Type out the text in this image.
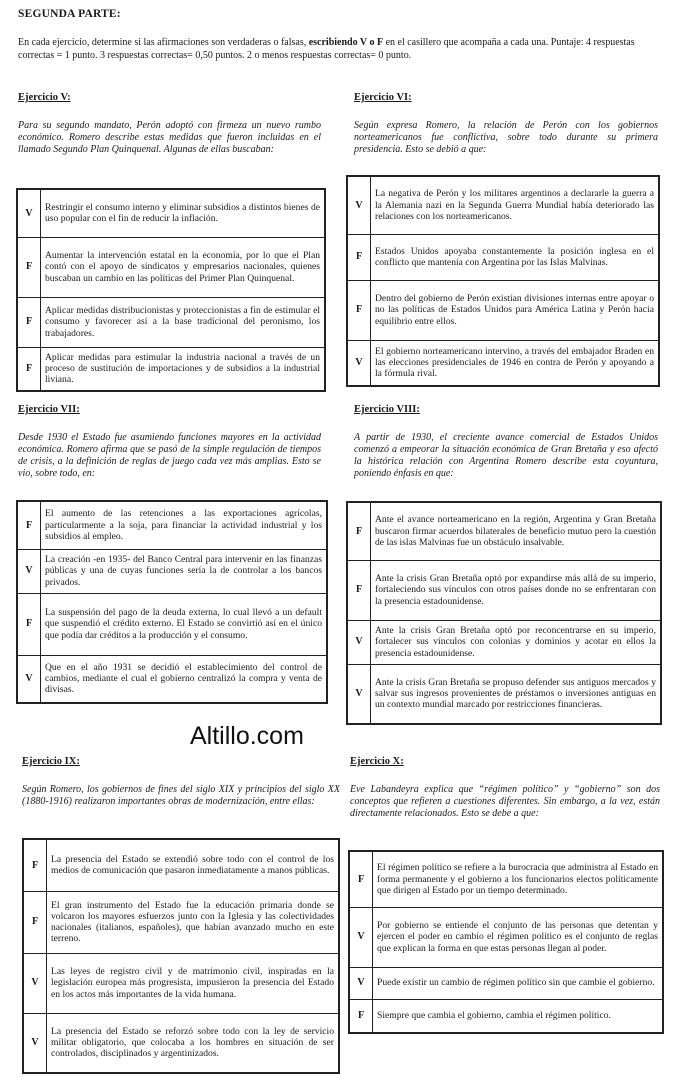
SEGUNDA PARTE:
En cada ejercicio, determine si las afirmaciones son verdaderas o falsas, escribiendo V o F en el casillero que acompaña a cada una. Puntaje: 4 respuestas correctas = 1 punto. 3 respuestas correctas= 0,50 puntos. 2 o menos respuestas correctas= 0 punto.
Ejercicio V:
Para su segundo mandato, Perón adoptó con firmeza un nuevo rumbo económico. Romero describe estas medidas que fueron incluidas en el llamado Segundo Plan Quinquenal. Algunas de ellas buscaban:
V	Restringir el consumo interno y eliminar subsidios a distintos bienes de uso popular con el fin de reducir la inflación.
F	Aumentar la intervención estatal en la economía, por lo que el Plan contó con el apoyo de sindicatos y empresarios nacionales, quienes buscaban un cambio en las políticas del Primer Plan Quinquenal.
F	Aplicar medidas distribucionistas y proteccionistas a fin de estimular el consumo y favorecer así a la base tradicional del peronismo, los trabajadores.
F	Aplicar medidas para estimular la industria nacional a través de un proceso de sustitución de importaciones y de subsidios a la industrial liviana.
Ejercicio VI:
Según expresa Romero, la relación de Perón con los gobiernos norteamericanos fue conflictiva, sobre todo durante su primera presidencia. Esto se debió a que:
V	La negativa de Perón y los militares argentinos a declararle la guerra a la Alemania nazi en la Segunda Guerra Mundial había deteriorado las relaciones con los norteamericanos.
F	Estados Unidos apoyaba constantemente la posición inglesa en el conflicto que mantenía con Argentina por las Islas Malvinas.
F	Dentro del gobierno de Perón existían divisiones internas entre apoyar o no las políticas de Estados Unidos para América Latina y Perón hacía equilibrio entre ellos.
V	El gobierno norteamericano intervino, a través del embajador Braden en las elecciones presidenciales de 1946 en contra de Perón y apoyando a la fórmula rival.
Ejercicio VII:
Desde 1930 el Estado fue asumiendo funciones mayores en la actividad económica. Romero afirma que se pasó de la simple regulación de tiempos de crisis, a la definición de reglas de juego cada vez más amplias. Esto se vio, sobre todo, en:
F	El aumento de las retenciones a las exportaciones agrícolas, particularmente a la soja, para financiar la actividad industrial y los subsidios al empleo.
V	La creación -en 1935- del Banco Central para intervenir en las finanzas públicas y una de cuyas funciones sería la de controlar a los bancos privados.
F	La suspensión del pago de la deuda externa, lo cual llevó a un default que suspendió el crédito externo. El Estado se convirtió así en el único que podía dar créditos a la producción y el consumo.
V	Que en el año 1931 se decidió el establecimiento del control de cambios, mediante el cual el gobierno centralizó la compra y venta de divisas.
Ejercicio VIII:
A partir de 1930, el creciente avance comercial de Estados Unidos comenzó a empeorar la situación económica de Gran Bretaña y eso afectó la histórica relación con Argentina Romero describe esta coyuntura, poniendo énfasis en que:
F	Ante el avance norteamericano en la región, Argentina y Gran Bretaña buscaron firmar acuerdos bilaterales de beneficio mutuo pero la cuestión de las islas Malvinas fue un obstáculo insalvable.
F	Ante la crisis Gran Bretaña optó por expandirse más allá de su imperio, fortaleciendo sus vínculos con otros países donde no se enfrentaran con la presencia estadounidense.
V	Ante la crisis Gran Bretaña optó por reconcentrarse en su imperio, fortalecer sus vínculos con colonias y dominios y acotar en ellos la presencia estadounidense.
V	Ante la crisis Gran Bretaña se propuso defender sus antiguos mercados y salvar sus ingresos provenientes de préstamos o inversiones antiguas en un contexto mundial marcado por restricciones financieras.
Altillo.com
Ejercicio IX:
Según Romero, los gobiernos de fines del siglo XIX y principios del siglo XX (1880-1916) realizaron importantes obras de modernización, entre ellas:
F	La presencia del Estado se extendió sobre todo con el control de los medios de comunicación que pasaron inmediatamente a manos públicas.
F	El gran instrumento del Estado fue la educación primaria donde se volcaron los mayores esfuerzos junto con la Iglesia y las colectividades nacionales (italianos, españoles), que habían avanzado mucho en este terreno.
V	Las leyes de registro civil y de matrimonio civil, inspiradas en la legislación europea más progresista, impusieron la presencia del Estado en los actos más importantes de la vida humana.
V	La presencia del Estado se reforzó sobre todo con la ley de servicio militar obligatorio, que colocaba a los hombres en situación de ser controlados, disciplinados y argentinizados.
Ejercicio X:
Eve Labandeyra explica que “régimen político” y “gobierno” son dos conceptos que refieren a cuestiones diferentes. Sin embargo, a la vez, están directamente relacionados. Esto se debe a que:
F	El régimen político se refiere a la burocracia que administra al Estado en forma permanente y el gobierno a los funcionarios electos políticamente que dirigen al Estado por un tiempo determinado.
V	Por gobierno se entiende el conjunto de las personas que detentan y ejercen el poder en cambio el régimen político es el conjunto de reglas que explican la forma en que estas personas llegan al poder.
V	Puede existir un cambio de régimen político sin que cambie el gobierno.
F	Siempre que cambia el gobierno, cambia el régimen político.
